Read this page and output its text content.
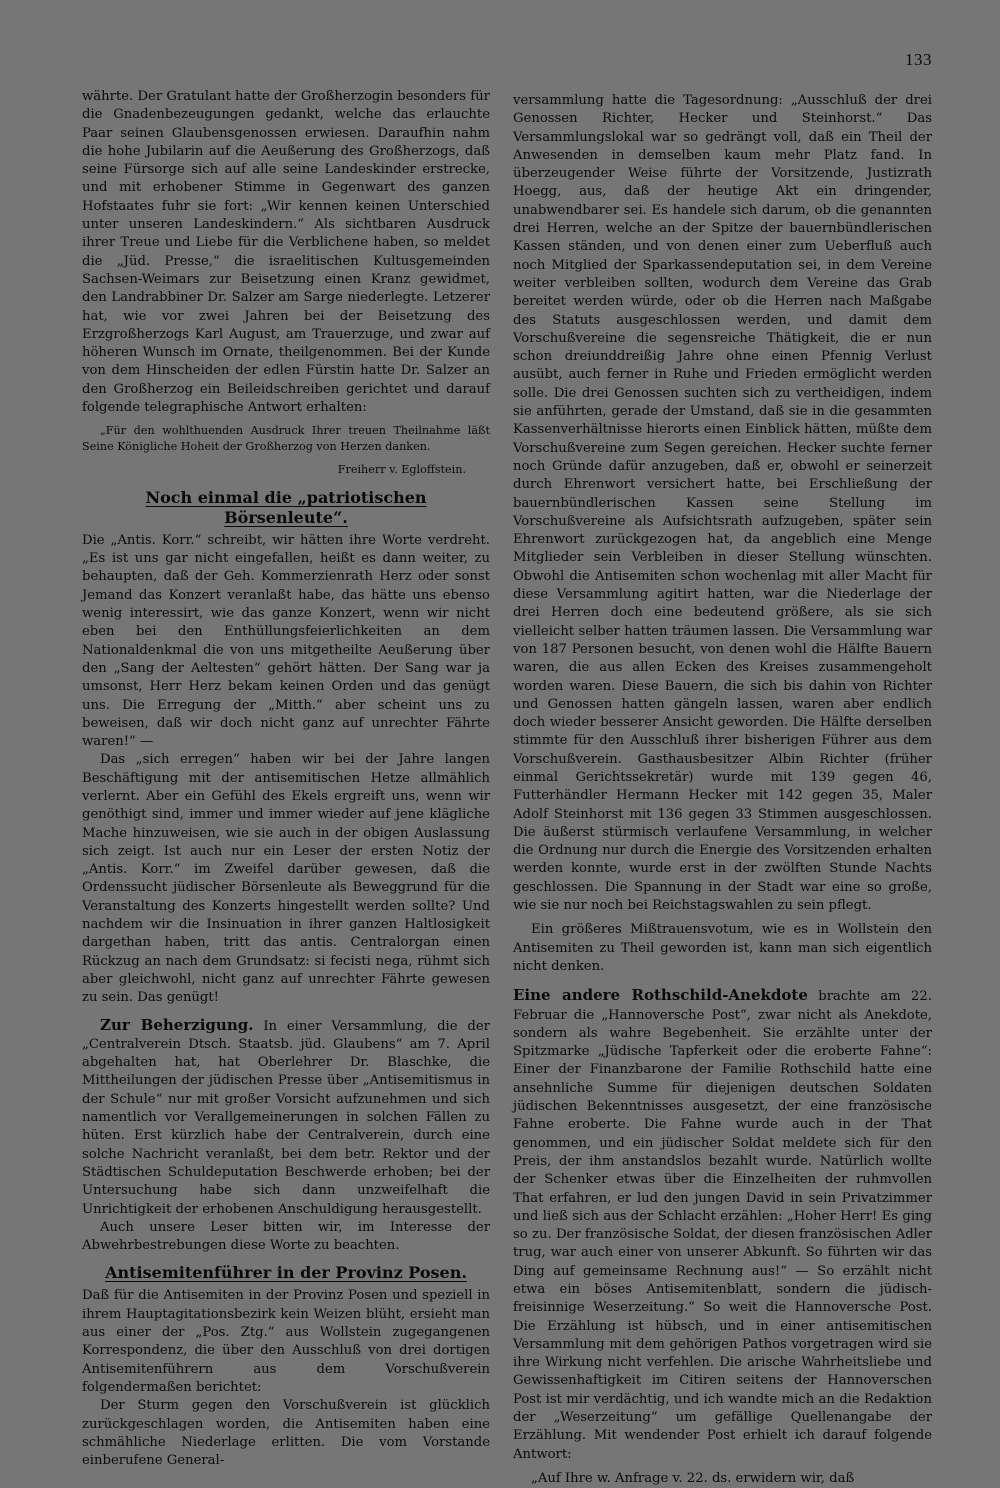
133

währte. Der Gratulant hatte der Großherzogin besonders für die Gnadenbezeugungen gedankt, welche das erlauchte Paar seinen Glaubensgenossen erwiesen. Daraufhin nahm die hohe Jubilarin auf die Aeußerung des Großherzogs, daß seine Fürsorge sich auf alle seine Landeskinder erstrecke, und mit erhobener Stimme in Gegenwart des ganzen Hofstaates fuhr sie fort: „Wir kennen keinen Unterschied unter unseren Landeskindern.“ Als sichtbaren Ausdruck ihrer Treue und Liebe für die Verblichene haben, so meldet die „Jüd. Presse,“ die israelitischen Kultusgemeinden Sachsen-Weimars zur Beisetzung einen Kranz gewidmet, den Landrabbiner Dr. Salzer am Sarge niederlegte. Letzerer hat, wie vor zwei Jahren bei der Beisetzung des Erzgroßherzogs Karl August, am Trauerzuge, und zwar auf höheren Wunsch im Ornate, theilgenommen. Bei der Kunde von dem Hinscheiden der edlen Fürstin hatte Dr. Salzer an den Großherzog ein Beileidschreiben gerichtet und darauf folgende telegraphische Antwort erhalten:

„Für den wohlthuenden Ausdruck Ihrer treuen Theilnahme läßt Seine Königliche Hoheit der Großherzog von Herzen danken.
Freiherr v. Egloffstein.
Noch einmal die „patriotischen Börsenleute“.

Die „Antis. Korr.“ schreibt, wir hätten ihre Worte verdreht. „Es ist uns gar nicht eingefallen, heißt es dann weiter, zu behaupten, daß der Geh. Kommerzienrath Herz oder sonst Jemand das Konzert veranlaßt habe, das hätte uns ebenso wenig interessirt, wie das ganze Konzert, wenn wir nicht eben bei den Enthüllungsfeierlichkeiten an dem Nationaldenkmal die von uns mitgetheilte Aeußerung über den „Sang der Aeltesten“ gehört hätten. Der Sang war ja umsonst, Herr Herz bekam keinen Orden und das genügt uns. Die Erregung der „Mitth.“ aber scheint uns zu beweisen, daß wir doch nicht ganz auf unrechter Fährte waren!“ —

Das „sich erregen“ haben wir bei der Jahre langen Beschäftigung mit der antisemitischen Hetze allmählich verlernt. Aber ein Gefühl des Ekels ergreift uns, wenn wir genöthigt sind, immer und immer wieder auf jene klägliche Mache hinzuweisen, wie sie auch in der obigen Auslassung sich zeigt. Ist auch nur ein Leser der ersten Notiz der „Antis. Korr.“ im Zweifel darüber gewesen, daß die Ordenssucht jüdischer Börsenleute als Beweggrund für die Veranstaltung des Konzerts hingestellt werden sollte? Und nachdem wir die Insinuation in ihrer ganzen Haltlosigkeit dargethan haben, tritt das antis. Centralorgan einen Rückzug an nach dem Grundsatz: si fecisti nega, rühmt sich aber gleichwohl, nicht ganz auf unrechter Fährte gewesen zu sein. Das genügt!

Zur Beherzigung. In einer Versammlung, die der „Centralverein Dtsch. Staatsb. jüd. Glaubens“ am 7. April abgehalten hat, hat Oberlehrer Dr. Blaschke, die Mittheilungen der jüdischen Presse über „Antisemitismus in der Schule“ nur mit großer Vorsicht aufzunehmen und sich namentlich vor Verallgemeinerungen in solchen Fällen zu hüten. Erst kürzlich habe der Centralverein, durch eine solche Nachricht veranlaßt, bei dem betr. Rektor und der Städtischen Schuldeputation Beschwerde erhoben; bei der Untersuchung habe sich dann unzweifelhaft die Unrichtigkeit der erhobenen Anschuldigung herausgestellt.

Auch unsere Leser bitten wir, im Interesse der Abwehrbestrebungen diese Worte zu beachten.

Antisemitenführer in der Provinz Posen.

Daß für die Antisemiten in der Provinz Posen und speziell in ihrem Hauptagitationsbezirk kein Weizen blüht, ersieht man aus einer der „Pos. Ztg.“ aus Wollstein zugegangenen Korrespondenz, die über den Ausschluß von drei dortigen Antisemitenführern aus dem Vorschußverein folgendermaßen berichtet:

Der Sturm gegen den Vorschußverein ist glücklich zurückgeschlagen worden, die Antisemiten haben eine schmähliche Niederlage erlitten. Die vom Vorstande einberufene General-

versammlung hatte die Tagesordnung: „Ausschluß der drei Genossen Richter, Hecker und Steinhorst.“ Das Versammlungslokal war so gedrängt voll, daß ein Theil der Anwesenden in demselben kaum mehr Platz fand. In überzeugender Weise führte der Vorsitzende, Justizrath Hoegg, aus, daß der heutige Akt ein dringender, unabwendbarer sei. Es handele sich darum, ob die genannten drei Herren, welche an der Spitze der bauernbündlerischen Kassen ständen, und von denen einer zum Ueberfluß auch noch Mitglied der Sparkassendeputation sei, in dem Vereine weiter verbleiben sollten, wodurch dem Vereine das Grab bereitet werden würde, oder ob die Herren nach Maßgabe des Statuts ausgeschlossen werden, und damit dem Vorschußvereine die segensreiche Thätigkeit, die er nun schon dreiunddreißig Jahre ohne einen Pfennig Verlust ausübt, auch ferner in Ruhe und Frieden ermöglicht werden solle. Die drei Genossen suchten sich zu vertheidigen, indem sie anführten, gerade der Umstand, daß sie in die gesammten Kassenverhältnisse hierorts einen Einblick hätten, müßte dem Vorschußvereine zum Segen gereichen. Hecker suchte ferner noch Gründe dafür anzugeben, daß er, obwohl er seinerzeit durch Ehrenwort versichert hatte, bei Erschließung der bauernbündlerischen Kassen seine Stellung im Vorschußvereine als Aufsichtsrath aufzugeben, später sein Ehrenwort zurückgezogen hat, da angeblich eine Menge Mitglieder sein Verbleiben in dieser Stellung wünschten. Obwohl die Antisemiten schon wochenlag mit aller Macht für diese Versammlung agitirt hatten, war die Niederlage der drei Herren doch eine bedeutend größere, als sie sich vielleicht selber hatten träumen lassen. Die Versammlung war von 187 Personen besucht, von denen wohl die Hälfte Bauern waren, die aus allen Ecken des Kreises zusammengeholt worden waren. Diese Bauern, die sich bis dahin von Richter und Genossen hatten gängeln lassen, waren aber endlich doch wieder besserer Ansicht geworden. Die Hälfte derselben stimmte für den Ausschluß ihrer bisherigen Führer aus dem Vorschußverein. Gasthausbesitzer Albin Richter (früher einmal Gerichtssekretär) wurde mit 139 gegen 46, Futterhändler Hermann Hecker mit 142 gegen 35, Maler Adolf Steinhorst mit 136 gegen 33 Stimmen ausgeschlossen. Die äußerst stürmisch verlaufene Versammlung, in welcher die Ordnung nur durch die Energie des Vorsitzenden erhalten werden konnte, wurde erst in der zwölften Stunde Nachts geschlossen. Die Spannung in der Stadt war eine so große, wie sie nur noch bei Reichstagswahlen zu sein pflegt.

Ein größeres Mißtrauensvotum, wie es in Wollstein den Antisemiten zu Theil geworden ist, kann man sich eigentlich nicht denken.

Eine andere Rothschild-Anekdote brachte am 22. Februar die „Hannoversche Post“, zwar nicht als Anekdote, sondern als wahre Begebenheit. Sie erzählte unter der Spitzmarke „Jüdische Tapferkeit oder die eroberte Fahne“: Einer der Finanzbarone der Familie Rothschild hatte eine ansehnliche Summe für diejenigen deutschen Soldaten jüdischen Bekenntnisses ausgesetzt, der eine französische Fahne eroberte. Die Fahne wurde auch in der That genommen, und ein jüdischer Soldat meldete sich für den Preis, der ihm anstandslos bezahlt wurde. Natürlich wollte der Schenker etwas über die Einzelheiten der ruhmvollen That erfahren, er lud den jungen David in sein Privatzimmer und ließ sich aus der Schlacht erzählen: „Hoher Herr! Es ging so zu. Der französische Soldat, der diesen französischen Adler trug, war auch einer von unserer Abkunft. So führten wir das Ding auf gemeinsame Rechnung aus!“ — So erzählt nicht etwa ein böses Antisemitenblatt, sondern die jüdisch-freisinnige Weserzeitung.“ So weit die Hannoversche Post. Die Erzählung ist hübsch, und in einer antisemitischen Versammlung mit dem gehörigen Pathos vorgetragen wird sie ihre Wirkung nicht verfehlen. Die arische Wahrheitsliebe und Gewissenhaftigkeit im Citiren seitens der Hannoverschen Post ist mir verdächtig, und ich wandte mich an die Redaktion der „Weserzeitung“ um gefällige Quellenangabe der Erzählung. Mit wendender Post erhielt ich darauf folgende Antwort:

„Auf Ihre w. Anfrage v. 22. ds. erwidern wir, daß
